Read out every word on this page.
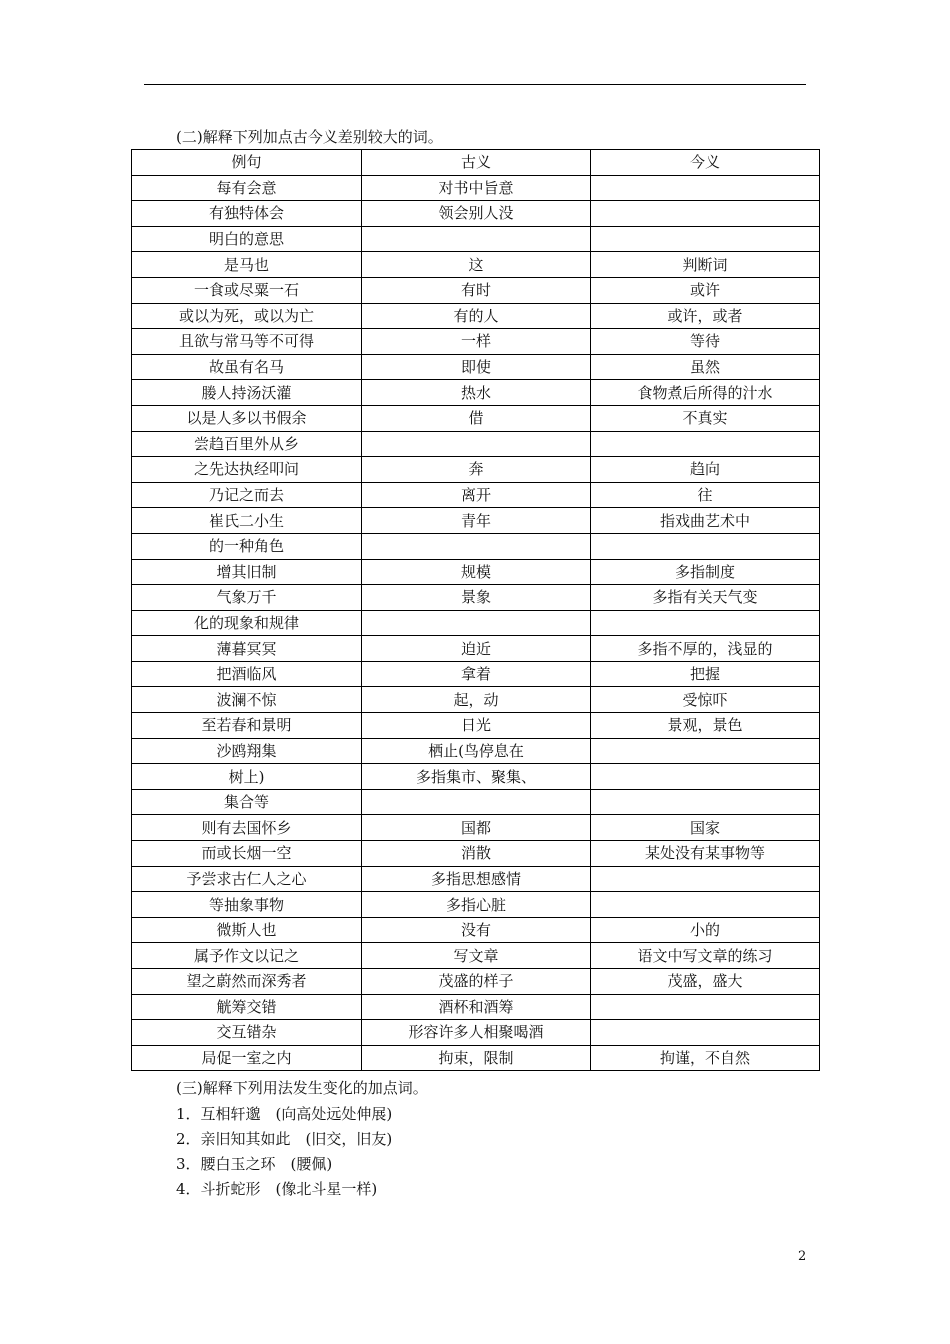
(二)解释下列加点古今义差别较大的词。
例句	古义	今义
每有会意	对书中旨意	
有独特体会	领会别人没	
明白的意思		
是马也	这	判断词
一食或尽粟一石	有时	或许
或以为死，或以为亡	有的人	或许，或者
且欲与常马等不可得	一样	等待
故虽有名马	即使	虽然
媵人持汤沃灌	热水	食物煮后所得的汁水
以是人多以书假余	借	不真实
尝趋百里外从乡		
之先达执经叩问	奔	趋向
乃记之而去	离开	往
崔氏二小生	青年	指戏曲艺术中
的一种角色		
增其旧制	规模	多指制度
气象万千	景象	多指有关天气变
化的现象和规律		
薄暮冥冥	迫近	多指不厚的，浅显的
把酒临风	拿着	把握
波澜不惊	起，动	受惊吓
至若春和景明	日光	景观，景色
沙鸥翔集	栖止(鸟停息在	
树上)	多指集市、聚集、	
集合等		
则有去国怀乡	国都	国家
而或长烟一空	消散	某处没有某事物等
予尝求古仁人之心	多指思想感情	
等抽象事物	多指心脏	
微斯人也	没有	小的
属予作文以记之	写文章	语文中写文章的练习
望之蔚然而深秀者	茂盛的样子	茂盛，盛大
觥筹交错	酒杯和酒筹	
交互错杂	形容许多人相聚喝酒	
局促一室之内	拘束，限制	拘谨，不自然
(三)解释下列用法发生变化的加点词。
1．互相轩邈　(向高处远处伸展)
2．亲旧知其如此　(旧交，旧友)
3．腰白玉之环　(腰佩)
4．斗折蛇形　(像北斗星一样)
2
